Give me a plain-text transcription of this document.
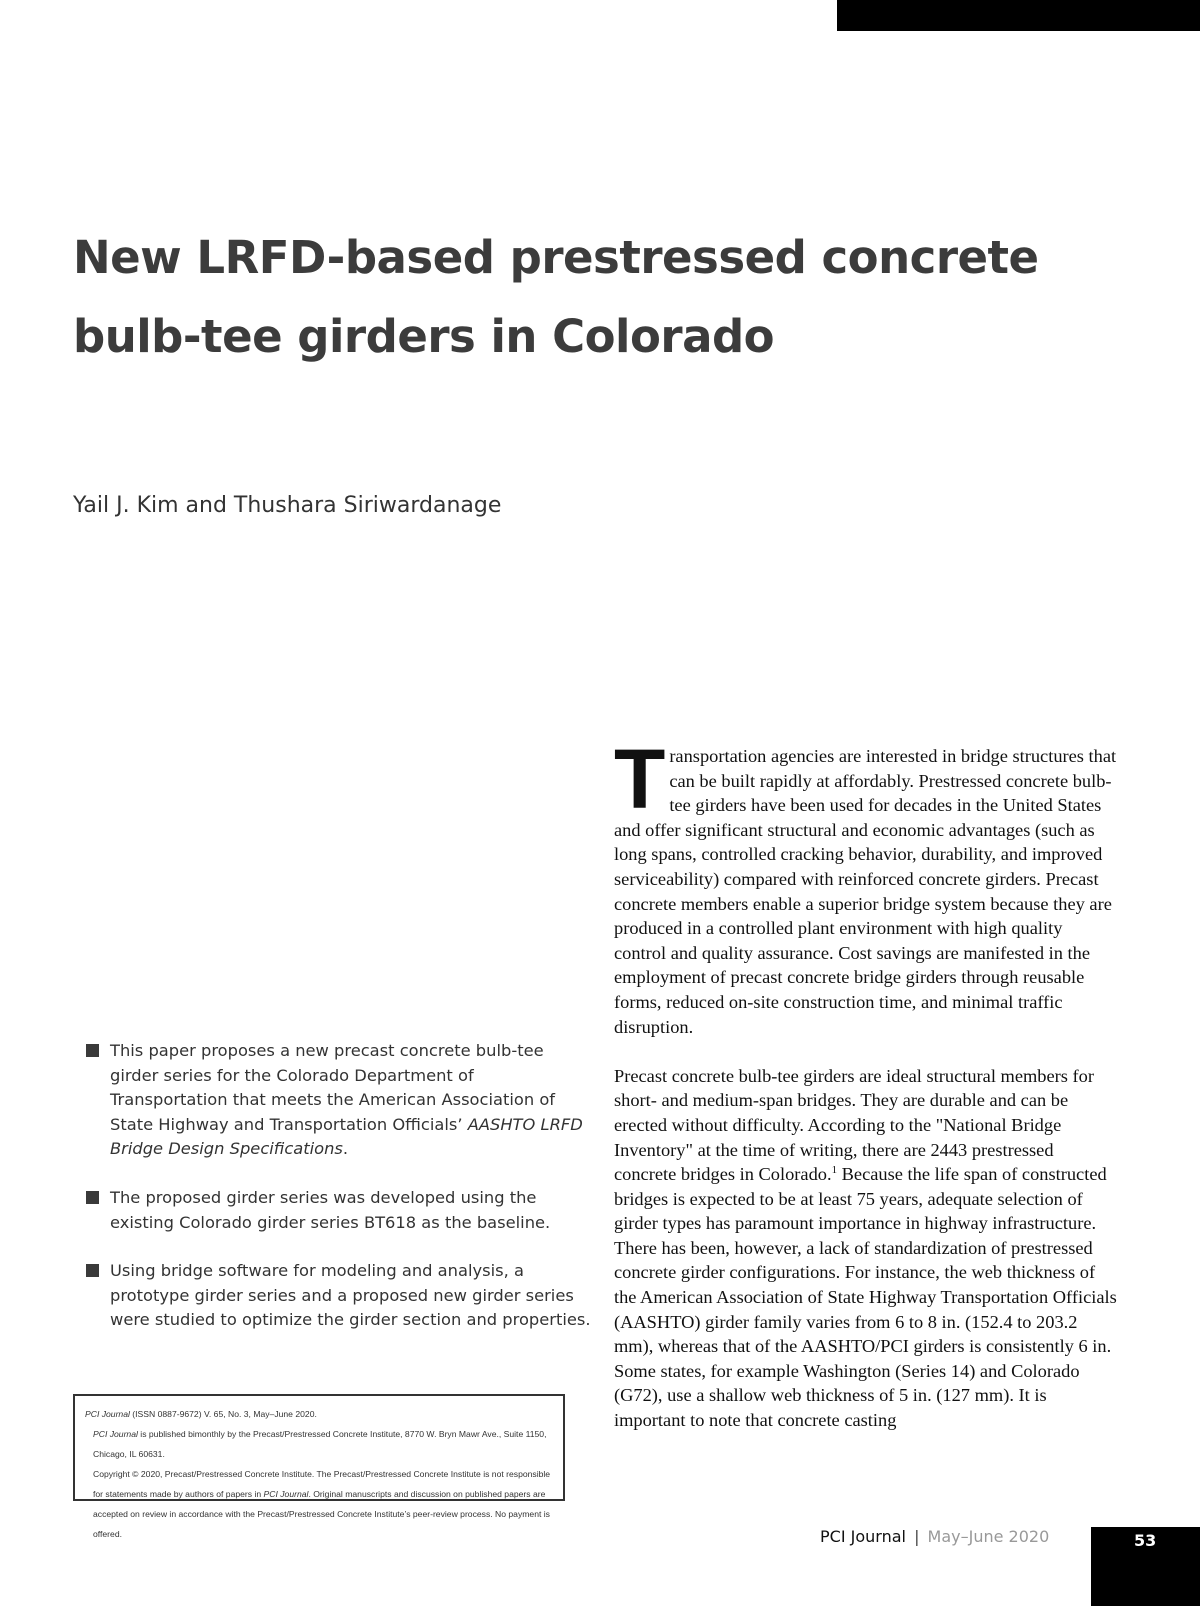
New LRFD-based prestressed concrete bulb-tee girders in Colorado
Yail J. Kim and Thushara Siriwardanage
This paper proposes a new precast concrete bulb-tee girder series for the Colorado Department of Transportation that meets the American Association of State Highway and Transportation Officials’ AASHTO LRFD Bridge Design Specifications.
The proposed girder series was developed using the existing Colorado girder series BT618 as the baseline.
Using bridge software for modeling and analysis, a prototype girder series and a proposed new girder series were studied to optimize the girder section and properties.

PCI Journal (ISSN 0887-9672) V. 65, No. 3, May–June 2020.

PCI Journal is published bimonthly by the Precast/Prestressed Concrete Institute, 8770 W. Bryn Mawr Ave., Suite 1150, Chicago, IL 60631.

Copyright © 2020, Precast/Prestressed Concrete Institute. The Precast/Prestressed Concrete Institute is not responsible for statements made by authors of papers in PCI Journal. Original manuscripts and discussion on published papers are accepted on review in accordance with the Precast/Prestressed Concrete Institute’s peer-review process. No payment is offered.

Transportation agencies are interested in bridge structures that can be built rapidly at affordably. Prestressed concrete bulb-tee girders have been used for decades in the United States and offer significant structural and economic advantages (such as long spans, controlled cracking behavior, durability, and improved serviceability) compared with reinforced concrete girders. Precast concrete members enable a superior bridge system because they are produced in a controlled plant environment with high quality control and quality assurance. Cost savings are manifested in the employment of precast concrete bridge girders through reusable forms, reduced on-site construction time, and minimal traffic disruption.

Precast concrete bulb-tee girders are ideal structural members for short- and medium-span bridges. They are durable and can be erected without difficulty. According to the "National Bridge Inventory" at the time of writing, there are 2443 prestressed concrete bridges in Colorado.$^1$ Because the life span of constructed bridges is expected to be at least 75 years, adequate selection of girder types has paramount importance in highway infrastructure. There has been, however, a lack of standardization of prestressed concrete girder configurations. For instance, the web thickness of the American Association of State Highway Transportation Officials (AASHTO) girder family varies from 6 to 8 in. (152.4 to 203.2 mm), whereas that of the AASHTO/PCI girders is consistently 6 in. Some states, for example Washington (Series 14) and Colorado (G72), use a shallow web thickness of 5 in. (127 mm). It is important to note that concrete casting

PCI Journal | May–June 2020	53
